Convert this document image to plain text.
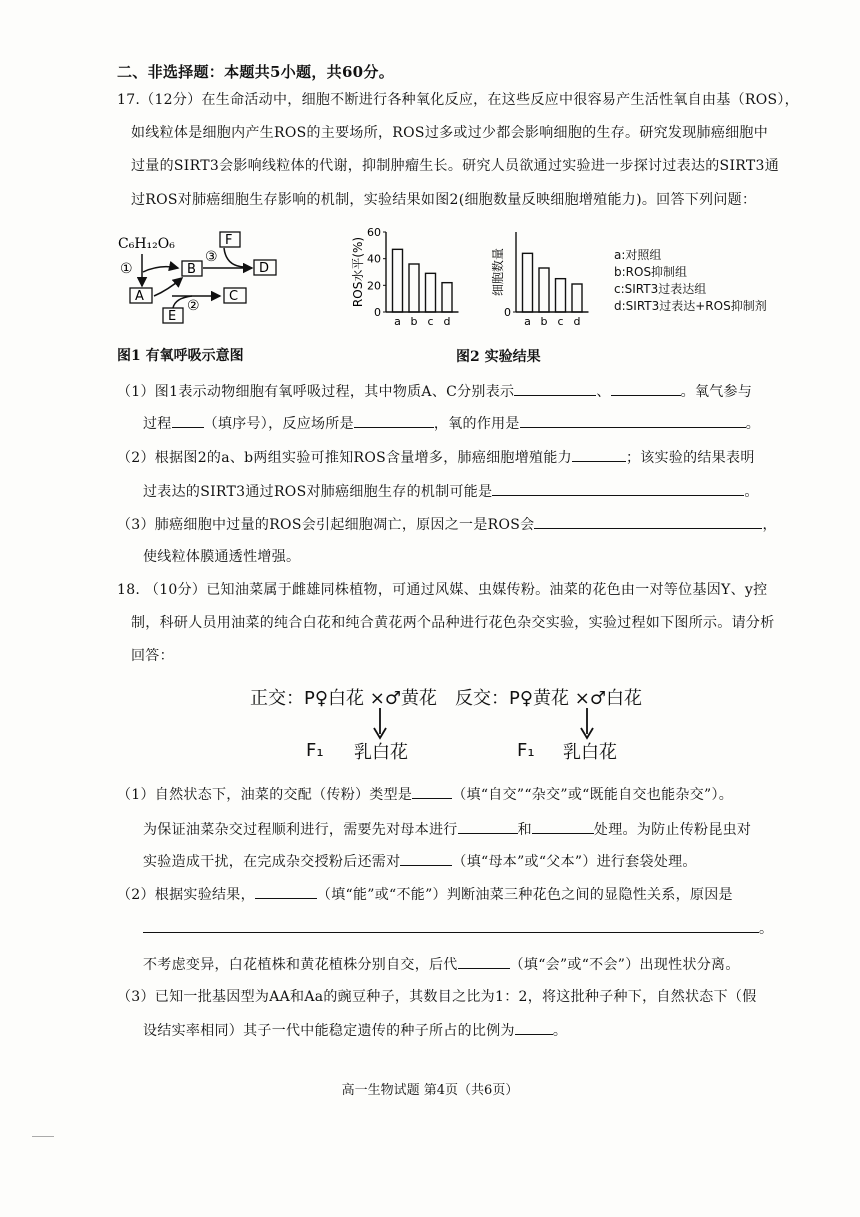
二、非选择题：本题共5小题，共60分。
17.（12分）在生命活动中，细胞不断进行各种氧化反应，在这些反应中很容易产生活性氧自由基（ROS），
如线粒体是细胞内产生ROS的主要场所，ROS过多或过少都会影响细胞的生存。研究发现肺癌细胞中
过量的SIRT3会影响线粒体的代谢，抑制肿瘤生长。研究人员欲通过实验进一步探讨过表达的SIRT3通
过ROS对肺癌细胞生存影响的机制，实验结果如图2(细胞数量反映细胞增殖能力)。回答下列问题：
C₆H₁₂O₆
①
A
B
③
F
D
②
C
E
图1 有氧呼吸示意图
ROS水平(%)
0
20
40
60
a b c d
细胞数量
0
a b c d
a:对照组
b:ROS抑制组
c:SIRT3过表达组
d:SIRT3过表达+ROS抑制剂
图2 实验结果
（1）图1表示动物细胞有氧呼吸过程，其中物质A、C分别表示	、	。氧气参与
过程 （填序号），反应场所是	，氧的作用是	。
（2）根据图2的a、b两组实验可推知ROS含量增多，肺癌细胞增殖能力	；该实验的结果表明
过表达的SIRT3通过ROS对肺癌细胞生存的机制可能是	。
（3）肺癌细胞中过量的ROS会引起细胞凋亡，原因之一是ROS会	，
使线粒体膜通透性增强。
18. （10分）已知油菜属于雌雄同株植物，可通过风媒、虫媒传粉。油菜的花色由一对等位基因Y、y控
制，科研人员用油菜的纯合白花和纯合黄花两个品种进行花色杂交实验，实验过程如下图所示。请分析
回答：
正交：P♀白花 ×♂黄花 反交：P♀黄花 ×♂白花
F₁ 乳白花	F₁ 乳白花
（1）自然状态下，油菜的交配（传粉）类型是	（填“自交”“杂交”或“既能自交也能杂交”）。
为保证油菜杂交过程顺利进行，需要先对母本进行	和	处理。为防止传粉昆虫对
实验造成干扰，在完成杂交授粉后还需对	（填“母本”或“父本”）进行套袋处理。
（2）根据实验结果，	（填“能”或“不能”）判断油菜三种花色之间的显隐性关系，原因是
。
不考虑变异，白花植株和黄花植株分别自交，后代	（填“会”或“不会”）出现性状分离。
（3）已知一批基因型为AA和Aa的豌豆种子，其数目之比为1：2，将这批种子种下，自然状态下（假
设结实率相同）其子一代中能稳定遗传的种子所占的比例为	。
高一生物试题 第4页（共6页）
